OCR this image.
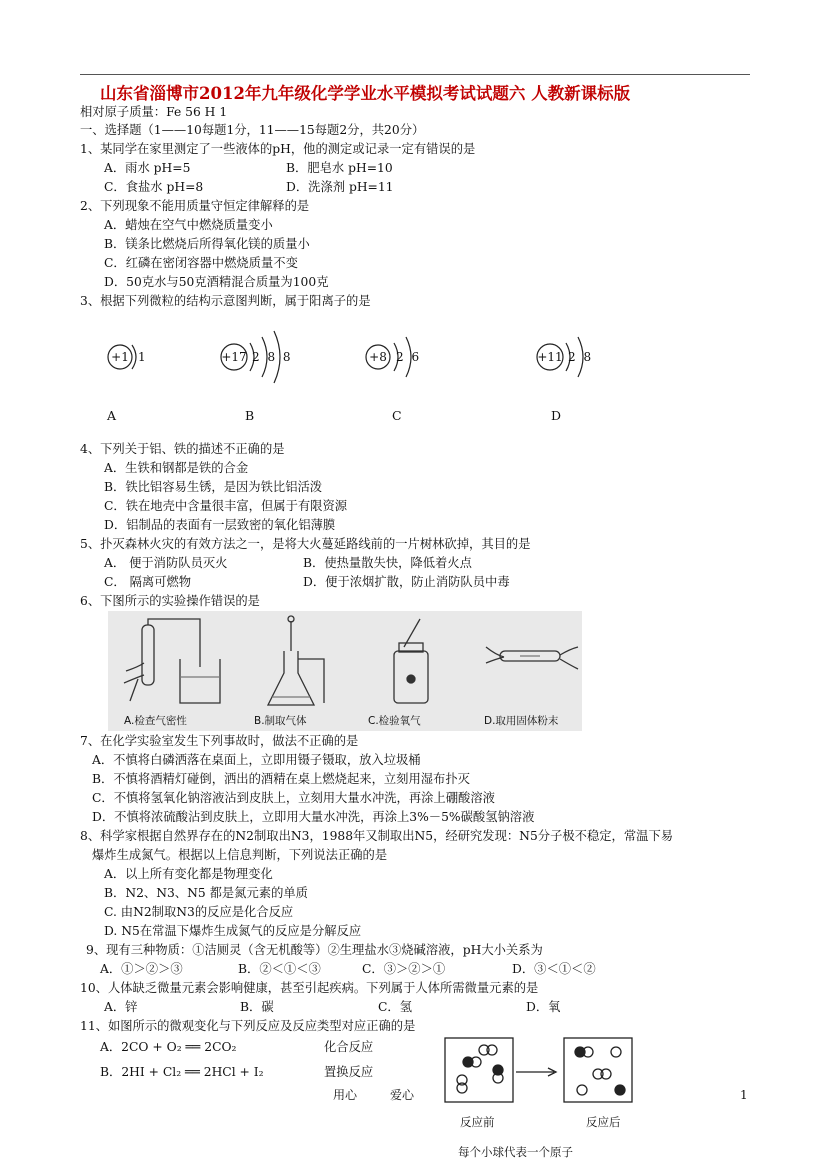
山东省淄博市2012年九年级化学学业水平模拟考试试题六 人教新课标版
相对原子质量：Fe 56 H 1
一、选择题（1——10每题1分，11——15每题2分，共20分）
1、某同学在家里测定了一些液体的pH，他的测定或记录一定有错误的是
A．雨水 pH=5	B．肥皂水 pH=10
C．食盐水 pH=8	D．洗涤剂 pH=11
2、下列现象不能用质量守恒定律解释的是
A．蜡烛在空气中燃烧质量变小
B．镁条比燃烧后所得氧化镁的质量小
C．红磷在密闭容器中燃烧质量不变
D．50克水与50克酒精混合质量为100克
3、根据下列微粒的结构示意图判断，属于阳离子的是
+1 1	+17 2 8 8	+8 2 6	+11 2 8
A	B	C	D
4、下列关于铝、铁的描述不正确的是
A．生铁和钢都是铁的合金
B．铁比铝容易生锈，是因为铁比铝活泼
C．铁在地壳中含量很丰富，但属于有限资源
D．铝制品的表面有一层致密的氧化铝薄膜
5、扑灭森林火灾的有效方法之一，是将大火蔓延路线前的一片树林砍掉，其目的是
A． 便于消防队员灭火	B．使热量散失快，降低着火点
C． 隔离可燃物	D．便于浓烟扩散，防止消防队员中毒
6、下图所示的实验操作错误的是
A.检查气密性	B.制取气体	C.检验氧气	D.取用固体粉末
7、在化学实验室发生下列事故时，做法不正确的是
A．不慎将白磷洒落在桌面上，立即用镊子镊取，放入垃圾桶
B．不慎将酒精灯碰倒，洒出的酒精在桌上燃烧起来，立刻用湿布扑灭
C．不慎将氢氧化钠溶液沾到皮肤上，立刻用大量水冲洗，再涂上硼酸溶液
D．不慎将浓硫酸沾到皮肤上，立即用大量水冲洗，再涂上3%－5%碳酸氢钠溶液
8、科学家根据自然界存在的N2制取出N3，1988年又制取出N5，经研究发现：N5分子极不稳定，常温下易
爆炸生成氮气。根据以上信息判断，下列说法正确的是
A．以上所有变化都是物理变化
B．N2、N3、N5 都是氮元素的单质
C. 由N2制取N3的反应是化合反应
D. N5在常温下爆炸生成氮气的反应是分解反应
9、现有三种物质：①洁厕灵（含无机酸等）②生理盐水③烧碱溶液，pH大小关系为
A．①＞②＞③	B．②＜①＜③	C．③＞②＞①	D．③＜①＜②
10、人体缺乏微量元素会影响健康，甚至引起疾病。下列属于人体所需微量元素的是
A．锌	B．碳	C．氢	D．氧
11、如图所示的微观变化与下列反应及反应类型对应正确的是
A．2CO + O₂ ══ 2CO₂	化合反应
B．2HI + Cl₂ ══ 2HCl + I₂	置换反应
反应前	反应后
每个小球代表一个原子
用心	爱心	1
